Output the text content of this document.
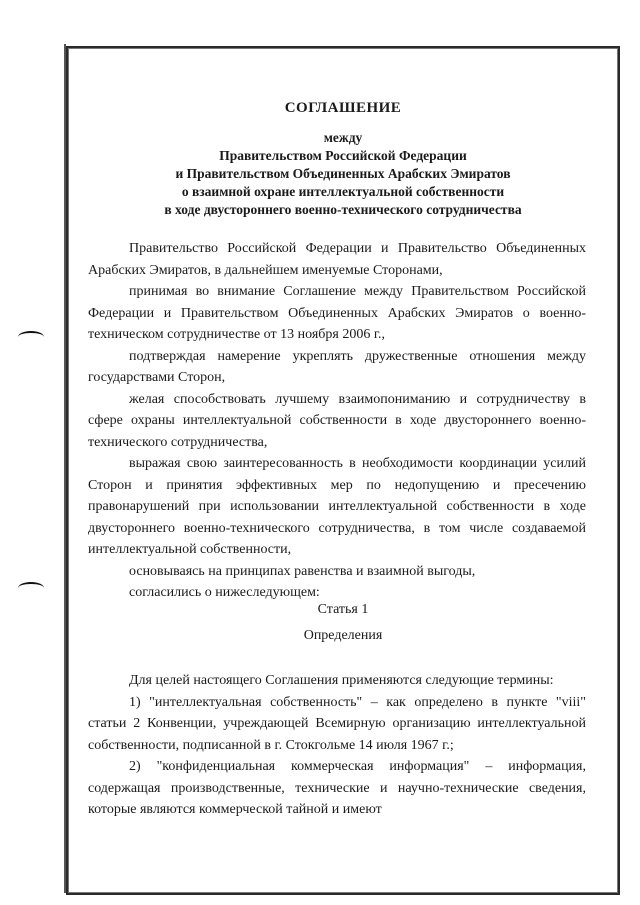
СОГЛАШЕНИЕ

между

Правительством Российской Федерации

и Правительством Объединенных Арабских Эмиратов

о взаимной охране интеллектуальной собственности

в ходе двустороннего военно-технического сотрудничества

Правительство Российской Федерации и Правительство Объединенных Арабских Эмиратов, в дальнейшем именуемые Сторонами,

принимая во внимание Соглашение между Правительством Российской Федерации и Правительством Объединенных Арабских Эмиратов о военно-техническом сотрудничестве от 13 ноября 2006 г.,

подтверждая намерение укреплять дружественные отношения между государствами Сторон,

желая способствовать лучшему взаимопониманию и сотрудничеству в сфере охраны интеллектуальной собственности в ходе двустороннего военно-технического сотрудничества,

выражая свою заинтересованность в необходимости координации усилий Сторон и принятия эффективных мер по недопущению и пресечению правонарушений при использовании интеллектуальной собственности в ходе двустороннего военно-технического сотрудничества, в том числе создаваемой интеллектуальной собственности,

основываясь на принципах равенства и взаимной выгоды,

согласились о нижеследующем:

Статья 1
Определения

Для целей настоящего Соглашения применяются следующие термины:

1) "интеллектуальная собственность" – как определено в пункте "viii" статьи 2 Конвенции, учреждающей Всемирную организацию интеллектуальной собственности, подписанной в г. Стокгольме 14 июля 1967 г.;

2) "конфиденциальная коммерческая информация" – информация, содержащая производственные, технические и научно-технические сведения, которые являются коммерческой тайной и имеют
